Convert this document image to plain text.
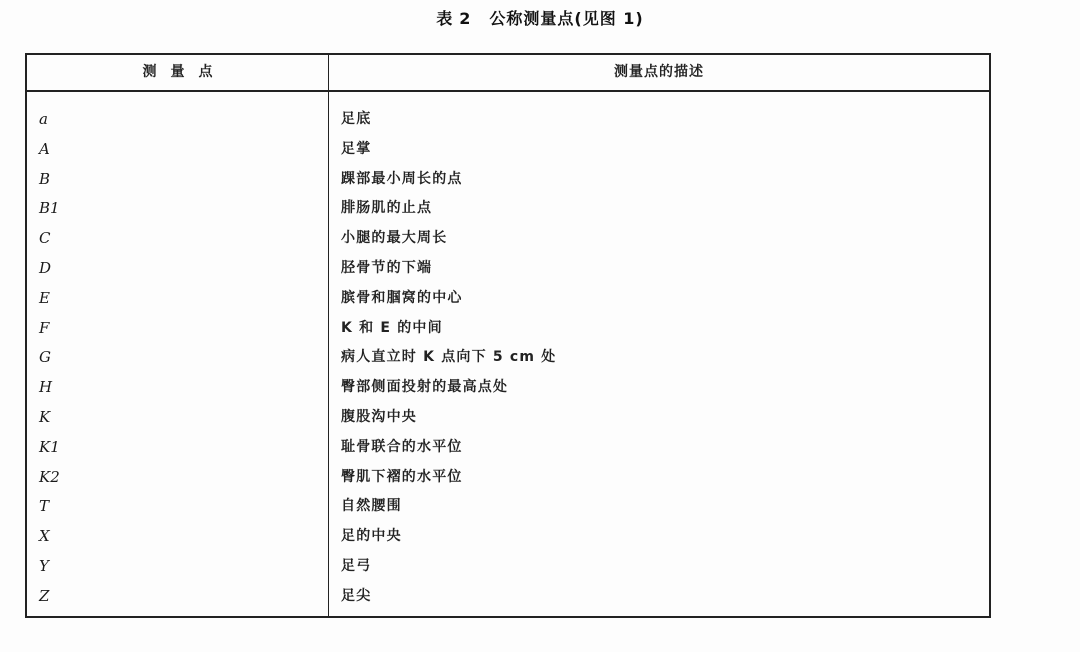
表 2 公称测量点(见图 1)
测量点	测量点的描述
a	足底
A	足掌
B	踝部最小周长的点
B1	腓肠肌的止点
C	小腿的最大周长
D	胫骨节的下端
E	膑骨和腘窝的中心
F	K 和 E 的中间
G	病人直立时 K 点向下 5 cm 处
H	臀部侧面投射的最高点处
K	腹股沟中央
K1	耻骨联合的水平位
K2	臀肌下褶的水平位
T	自然腰围
X	足的中央
Y	足弓
Z	足尖
